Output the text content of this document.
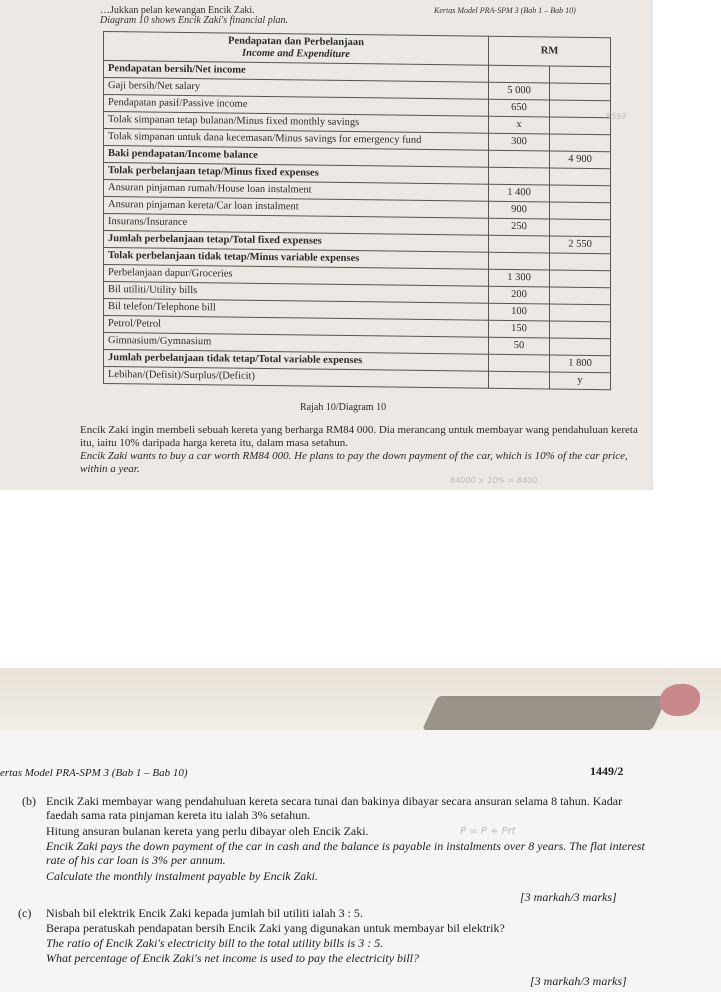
…Jukkan pelan kewangan Encik Zaki.
Diagram 10 shows Encik Zaki's financial plan.
Kertas Model PRA-SPM 3 (Bab 1 – Bab 10)
Pendapatan dan Perbelanjaan
Income and Expenditure	RM	
Pendapatan bersih/Net income		
Gaji bersih/Net salary	5 000	
Pendapatan pasif/Passive income	650	
Tolak simpanan tetap bulanan/Minus fixed monthly savings	x	
Tolak simpanan untuk dana kecemasan/Minus savings for emergency fund	300	
Baki pendapatan/Income balance		4 900
Tolak perbelanjaan tetap/Minus fixed expenses		
Ansuran pinjaman rumah/House loan instalment	1 400	
Ansuran pinjaman kereta/Car loan instalment	900	
Insurans/Insurance	250	
Jumlah perbelanjaan tetap/Total fixed expenses		2 550
Tolak perbelanjaan tidak tetap/Minus variable expenses		
Perbelanjaan dapur/Groceries	1 300	
Bil utiliti/Utility bills	200	
Bil telefon/Telephone bill	100	
Petrol/Petrol	150	
Gimnasium/Gymnasium	50	
Jumlah perbelanjaan tidak tetap/Total variable expenses		1 800
Lebihan/(Defisit)/Surplus/(Deficit)		y
Rajah 10/Diagram 10
Encik Zaki ingin membeli sebuah kereta yang berharga RM84 000. Dia merancang untuk membayar wang pendahuluan kereta itu, iaitu 10% daripada harga kereta itu, dalam masa setahun.
Encik Zaki wants to buy a car worth RM84 000. He plans to pay the down payment of the car, which is 10% of the car price, within a year.
84000 × 10% = 8400
5550
ertas Model PRA-SPM 3 (Bab 1 – Bab 10)	1449/2
(b) Encik Zaki membayar wang pendahuluan kereta secara tunai dan bakinya dibayar secara ansuran selama 8 tahun. Kadar faedah sama rata pinjaman kereta itu ialah 3% setahun.
Hitung ansuran bulanan kereta yang perlu dibayar oleh Encik Zaki.	P = P + Prt
Encik Zaki pays the down payment of the car in cash and the balance is payable in instalments over 8 years. The flat interest rate of his car loan is 3% per annum.
Calculate the monthly instalment payable by Encik Zaki.
[3 markah/3 marks]
(c) Nisbah bil elektrik Encik Zaki kepada jumlah bil utiliti ialah 3 : 5.
Berapa peratuskah pendapatan bersih Encik Zaki yang digunakan untuk membayar bil elektrik?
The ratio of Encik Zaki's electricity bill to the total utility bills is 3 : 5.
What percentage of Encik Zaki's net income is used to pay the electricity bill?
[3 markah/3 marks]
